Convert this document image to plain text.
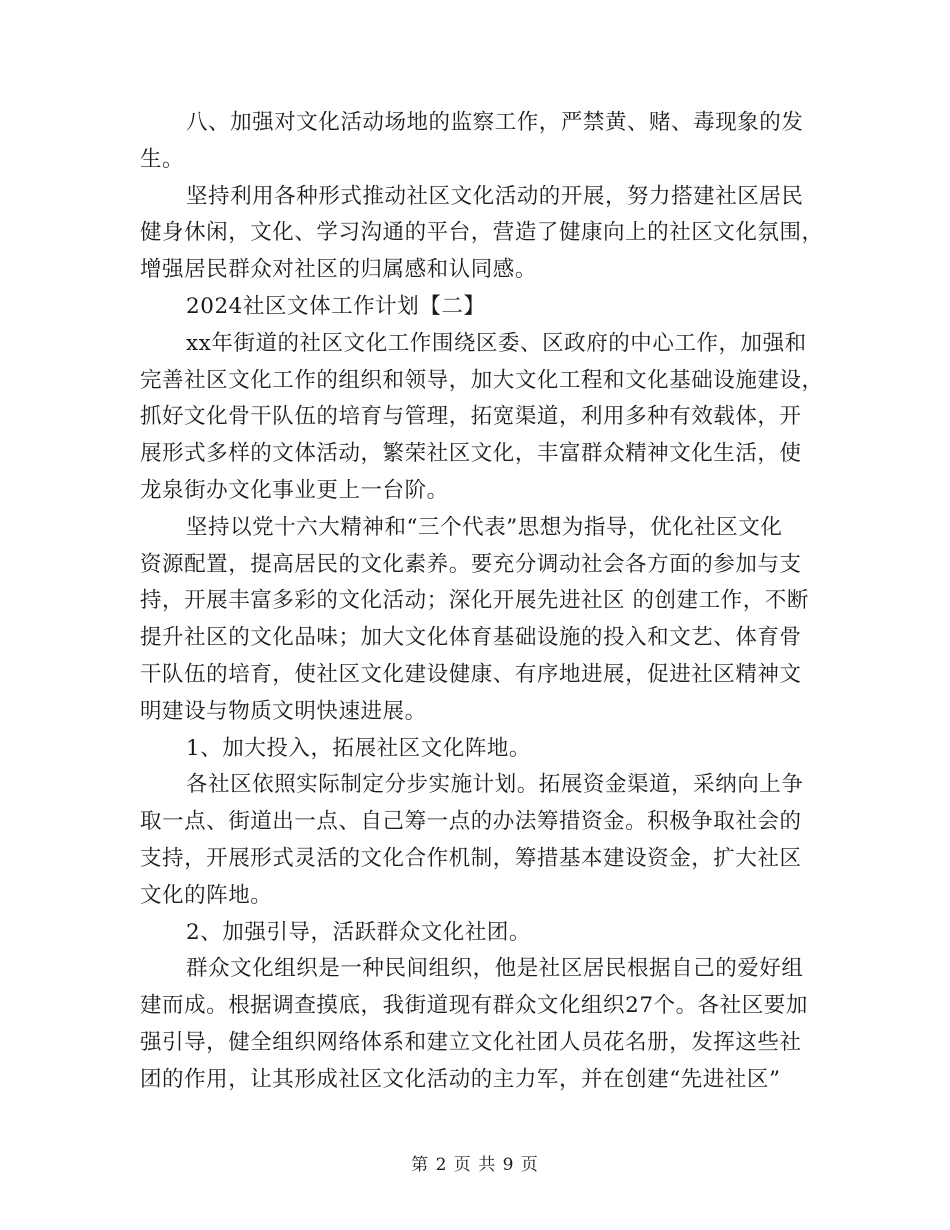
八、加强对文化活动场地的监察工作，严禁黄、赌、毒现象的发
生。
坚持利用各种形式推动社区文化活动的开展，努力搭建社区居民
健身休闲，文化、学习沟通的平台，营造了健康向上的社区文化氛围，
增强居民群众对社区的归属感和认同感。
2024社区文体工作计划【二】
xx年街道的社区文化工作围绕区委、区政府的中心工作，加强和
完善社区文化工作的组织和领导，加大文化工程和文化基础设施建设，
抓好文化骨干队伍的培育与管理，拓宽渠道，利用多种有效载体，开
展形式多样的文体活动，繁荣社区文化，丰富群众精神文化生活，使
龙泉街办文化事业更上一台阶。
坚持以党十六大精神和“三个代表”思想为指导，优化社区文化
资源配置，提高居民的文化素养。要充分调动社会各方面的参加与支
持，开展丰富多彩的文化活动；深化开展先进社区 的创建工作，不断
提升社区的文化品味；加大文化体育基础设施的投入和文艺、体育骨
干队伍的培育，使社区文化建设健康、有序地进展，促进社区精神文
明建设与物质文明快速进展。
1、加大投入，拓展社区文化阵地。
各社区依照实际制定分步实施计划。拓展资金渠道，采纳向上争
取一点、街道出一点、自己筹一点的办法筹措资金。积极争取社会的
支持，开展形式灵活的文化合作机制，筹措基本建设资金，扩大社区
文化的阵地。
2、加强引导，活跃群众文化社团。
群众文化组织是一种民间组织，他是社区居民根据自己的爱好组
建而成。根据调查摸底，我街道现有群众文化组织27个。各社区要加
强引导，健全组织网络体系和建立文化社团人员花名册，发挥这些社
团的作用，让其形成社区文化活动的主力军，并在创建“先进社区”
第 2 页 共 9 页
